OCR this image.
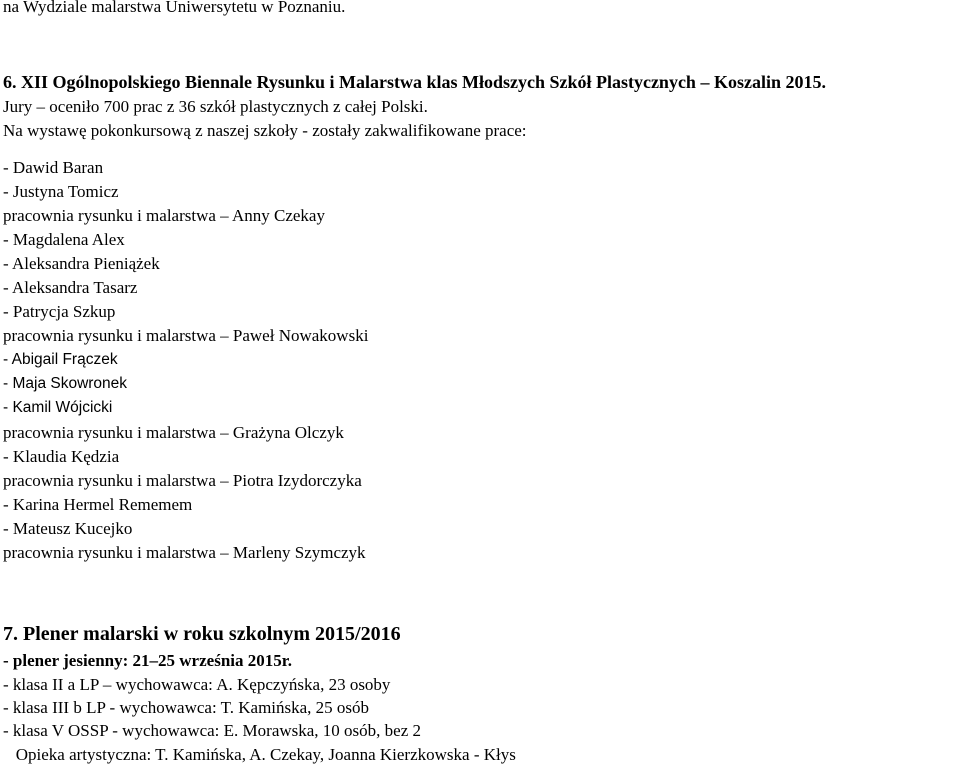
na Wydziale malarstwa Uniwersytetu w Poznaniu.
6. XII Ogólnopolskiego Biennale Rysunku i Malarstwa klas Młodszych Szkół Plastycznych – Koszalin 2015.
Jury – oceniło 700 prac z 36 szkół plastycznych z całej Polski.
Na wystawę pokonkursową z naszej szkoły - zostały zakwalifikowane prace:
- Dawid Baran
- Justyna Tomicz
pracownia rysunku i malarstwa – Anny Czekay
- Magdalena Alex
- Aleksandra Pieniążek
- Aleksandra Tasarz
- Patrycja Szkup
pracownia rysunku i malarstwa – Paweł Nowakowski
- Abigail Frączek
- Maja Skowronek
- Kamil Wójcicki
pracownia rysunku i malarstwa – Grażyna Olczyk
- Klaudia Kędzia
pracownia rysunku i malarstwa – Piotra Izydorczyka
- Karina Hermel Rememem
- Mateusz Kucejko
pracownia rysunku i malarstwa – Marleny Szymczyk
7. Plener malarski w roku szkolnym 2015/2016
- plener jesienny: 21–25 września 2015r.
- klasa II a LP – wychowawca: A. Kępczyńska, 23 osoby
- klasa III b LP - wychowawca: T. Kamińska, 25 osób
- klasa V OSSP - wychowawca: E. Morawska, 10 osób, bez 2
Opieka artystyczna: T. Kamińska, A. Czekay, Joanna Kierzkowska - Kłys
